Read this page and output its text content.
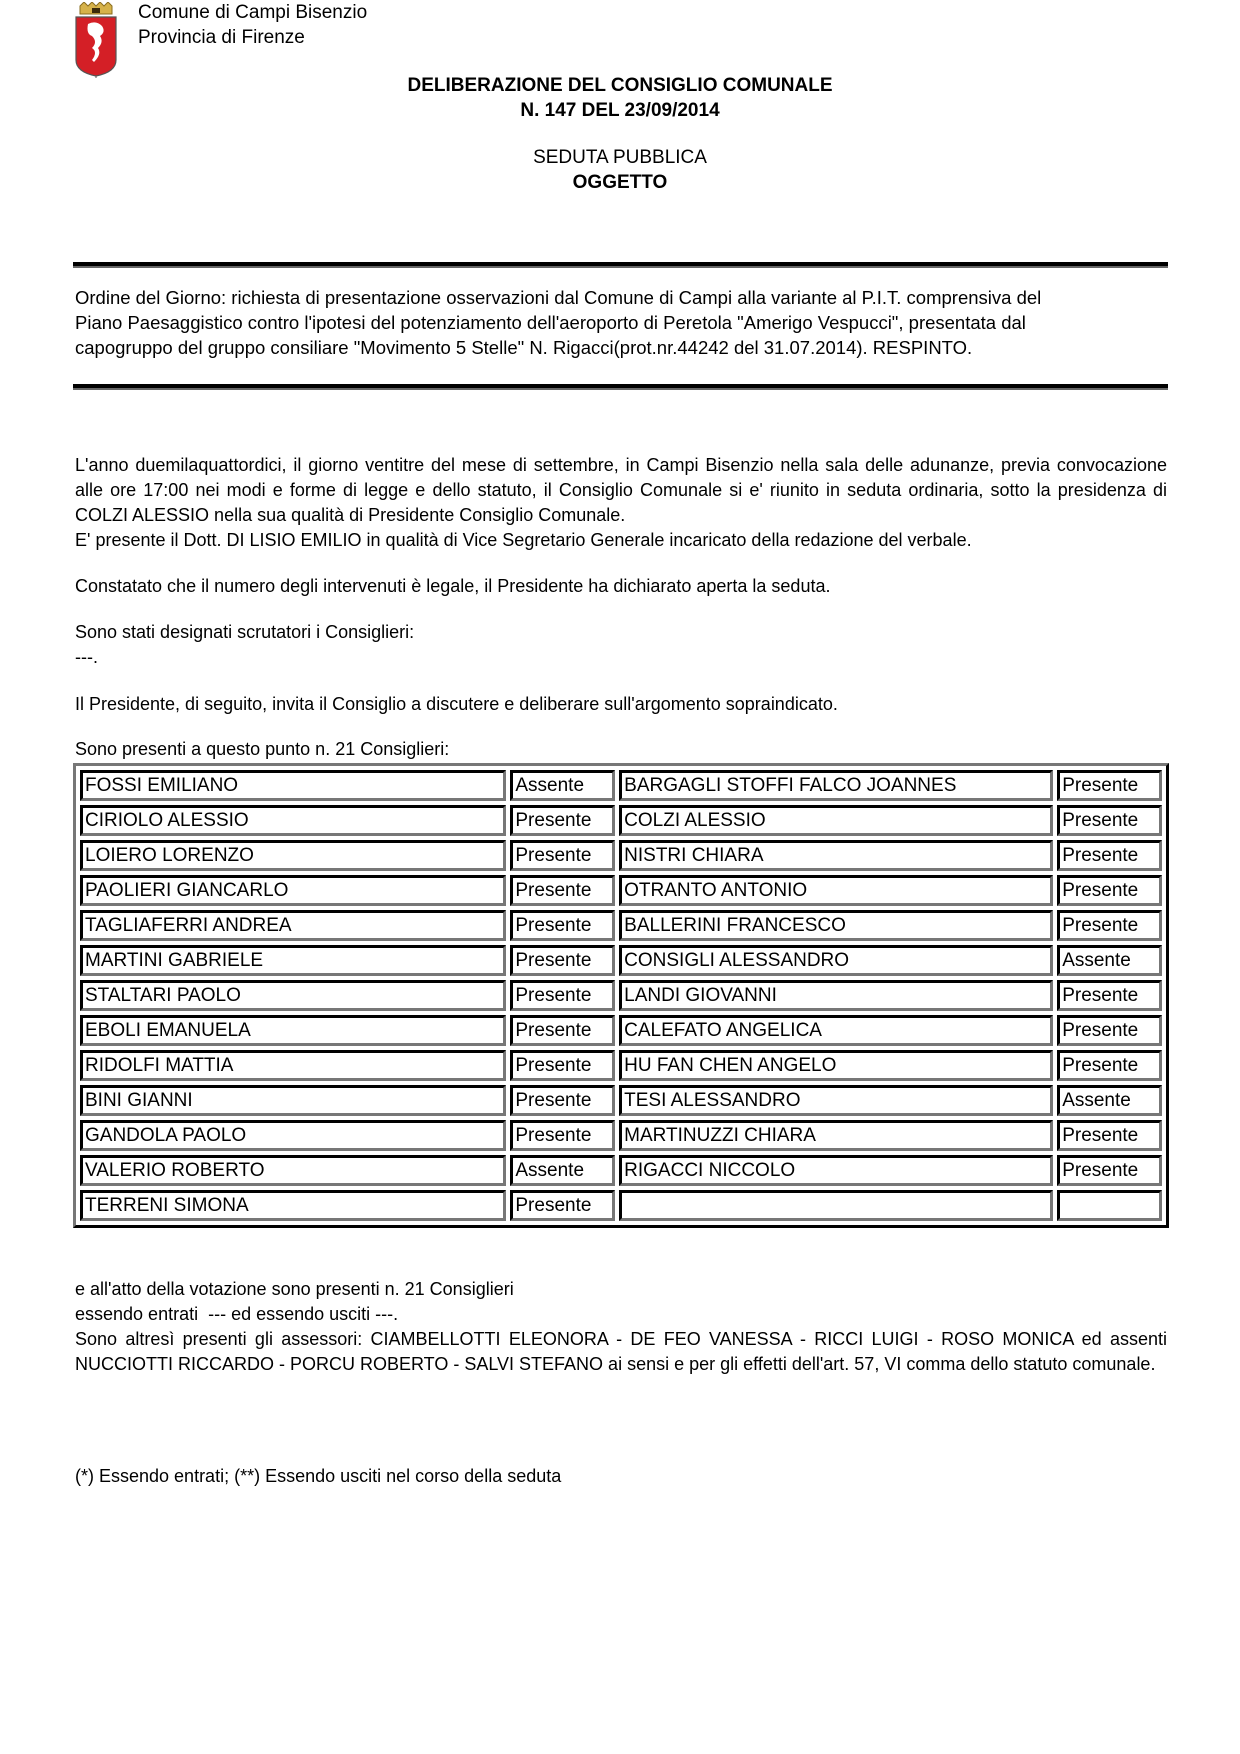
Comune di Campi Bisenzio
Provincia di Firenze
DELIBERAZIONE DEL CONSIGLIO COMUNALE
N. 147 DEL 23/09/2014
SEDUTA PUBBLICA
OGGETTO
Ordine del Giorno: richiesta di presentazione osservazioni dal Comune di Campi alla variante al P.I.T. comprensiva del
Piano Paesaggistico contro l'ipotesi del potenziamento dell'aeroporto di Peretola "Amerigo Vespucci", presentata dal
capogruppo del gruppo consiliare "Movimento 5 Stelle" N. Rigacci(prot.nr.44242 del 31.07.2014). RESPINTO.
L'anno duemilaquattordici, il giorno ventitre del mese di settembre, in Campi Bisenzio nella sala delle adunanze, previa convocazione alle ore 17:00 nei modi e forme di legge e dello statuto, il Consiglio Comunale si e' riunito in seduta ordinaria, sotto la presidenza di COLZI ALESSIO nella sua qualità di Presidente Consiglio Comunale.
E' presente il Dott. DI LISIO EMILIO in qualità di Vice Segretario Generale incaricato della redazione del verbale.
Constatato che il numero degli intervenuti è legale, il Presidente ha dichiarato aperta la seduta.
Sono stati designati scrutatori i Consiglieri:
---.
Il Presidente, di seguito, invita il Consiglio a discutere e deliberare sull'argomento sopraindicato.
Sono presenti a questo punto n. 21 Consiglieri:
FOSSI EMILIANO	Assente	BARGAGLI STOFFI FALCO JOANNES	Presente
CIRIOLO ALESSIO	Presente	COLZI ALESSIO	Presente
LOIERO LORENZO	Presente	NISTRI CHIARA	Presente
PAOLIERI GIANCARLO	Presente	OTRANTO ANTONIO	Presente
TAGLIAFERRI ANDREA	Presente	BALLERINI FRANCESCO	Presente
MARTINI GABRIELE	Presente	CONSIGLI ALESSANDRO	Assente
STALTARI PAOLO	Presente	LANDI GIOVANNI	Presente
EBOLI EMANUELA	Presente	CALEFATO ANGELICA	Presente
RIDOLFI MATTIA	Presente	HU FAN CHEN ANGELO	Presente
BINI GIANNI	Presente	TESI ALESSANDRO	Assente
GANDOLA PAOLO	Presente	MARTINUZZI CHIARA	Presente
VALERIO ROBERTO	Assente	RIGACCI NICCOLO	Presente
TERRENI SIMONA	Presente		
e all'atto della votazione sono presenti n. 21 Consiglieri
essendo entrati  --- ed essendo usciti ---.
Sono altresì presenti gli assessori: CIAMBELLOTTI ELEONORA - DE FEO VANESSA - RICCI LUIGI - ROSO MONICA ed assenti NUCCIOTTI RICCARDO - PORCU ROBERTO - SALVI STEFANO ai sensi e per gli effetti dell'art. 57, VI comma dello statuto comunale.
(*) Essendo entrati; (**) Essendo usciti nel corso della seduta
